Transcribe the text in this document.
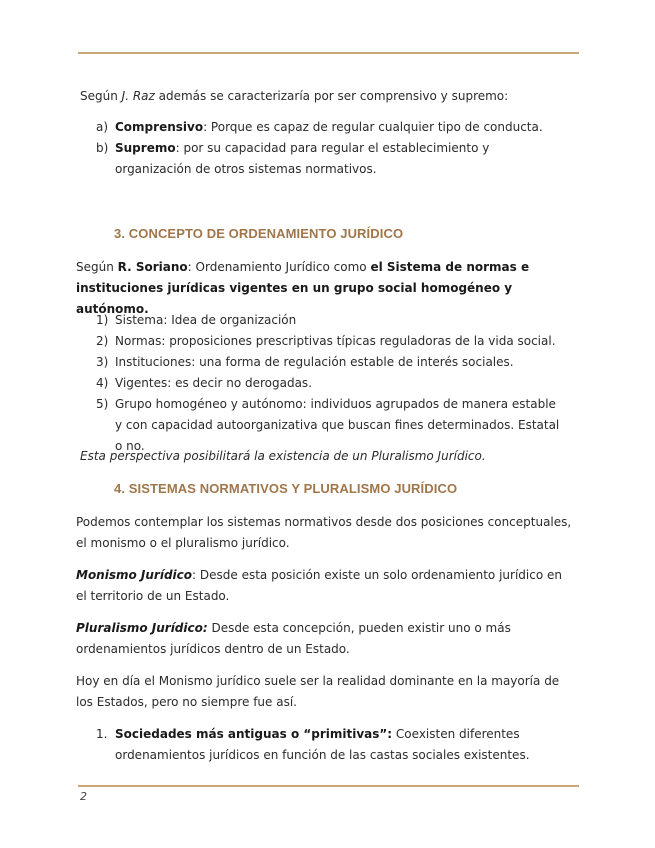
Según J. Raz además se caracterizaría por ser comprensivo y supremo:

a) Comprensivo: Porque es capaz de regular cualquier tipo de conducta.
b) Supremo: por su capacidad para regular el establecimiento y organización de otros sistemas normativos.
3. CONCEPTO DE ORDENAMIENTO JURÍDICO

Según R. Soriano: Ordenamiento Jurídico como el Sistema de normas e instituciones jurídicas vigentes en un grupo social homogéneo y autónomo.

1) Sistema: Idea de organización
2) Normas: proposiciones prescriptivas típicas reguladoras de la vida social.
3) Instituciones: una forma de regulación estable de interés sociales.
4) Vigentes: es decir no derogadas.
5) Grupo homogéneo y autónomo: individuos agrupados de manera estable y con capacidad autoorganizativa que buscan fines determinados. Estatal o no.

Esta perspectiva posibilitará la existencia de un Pluralismo Jurídico.

4. SISTEMAS NORMATIVOS Y PLURALISMO JURÍDICO

Podemos contemplar los sistemas normativos desde dos posiciones conceptuales, el monismo o el pluralismo jurídico.

Monismo Jurídico: Desde esta posición existe un solo ordenamiento jurídico en el territorio de un Estado.

Pluralismo Jurídico: Desde esta concepción, pueden existir uno o más ordenamientos jurídicos dentro de un Estado.

Hoy en día el Monismo jurídico suele ser la realidad dominante en la mayoría de los Estados, pero no siempre fue así.

1. Sociedades más antiguas o “primitivas”: Coexisten diferentes ordenamientos jurídicos en función de las castas sociales existentes.
2
